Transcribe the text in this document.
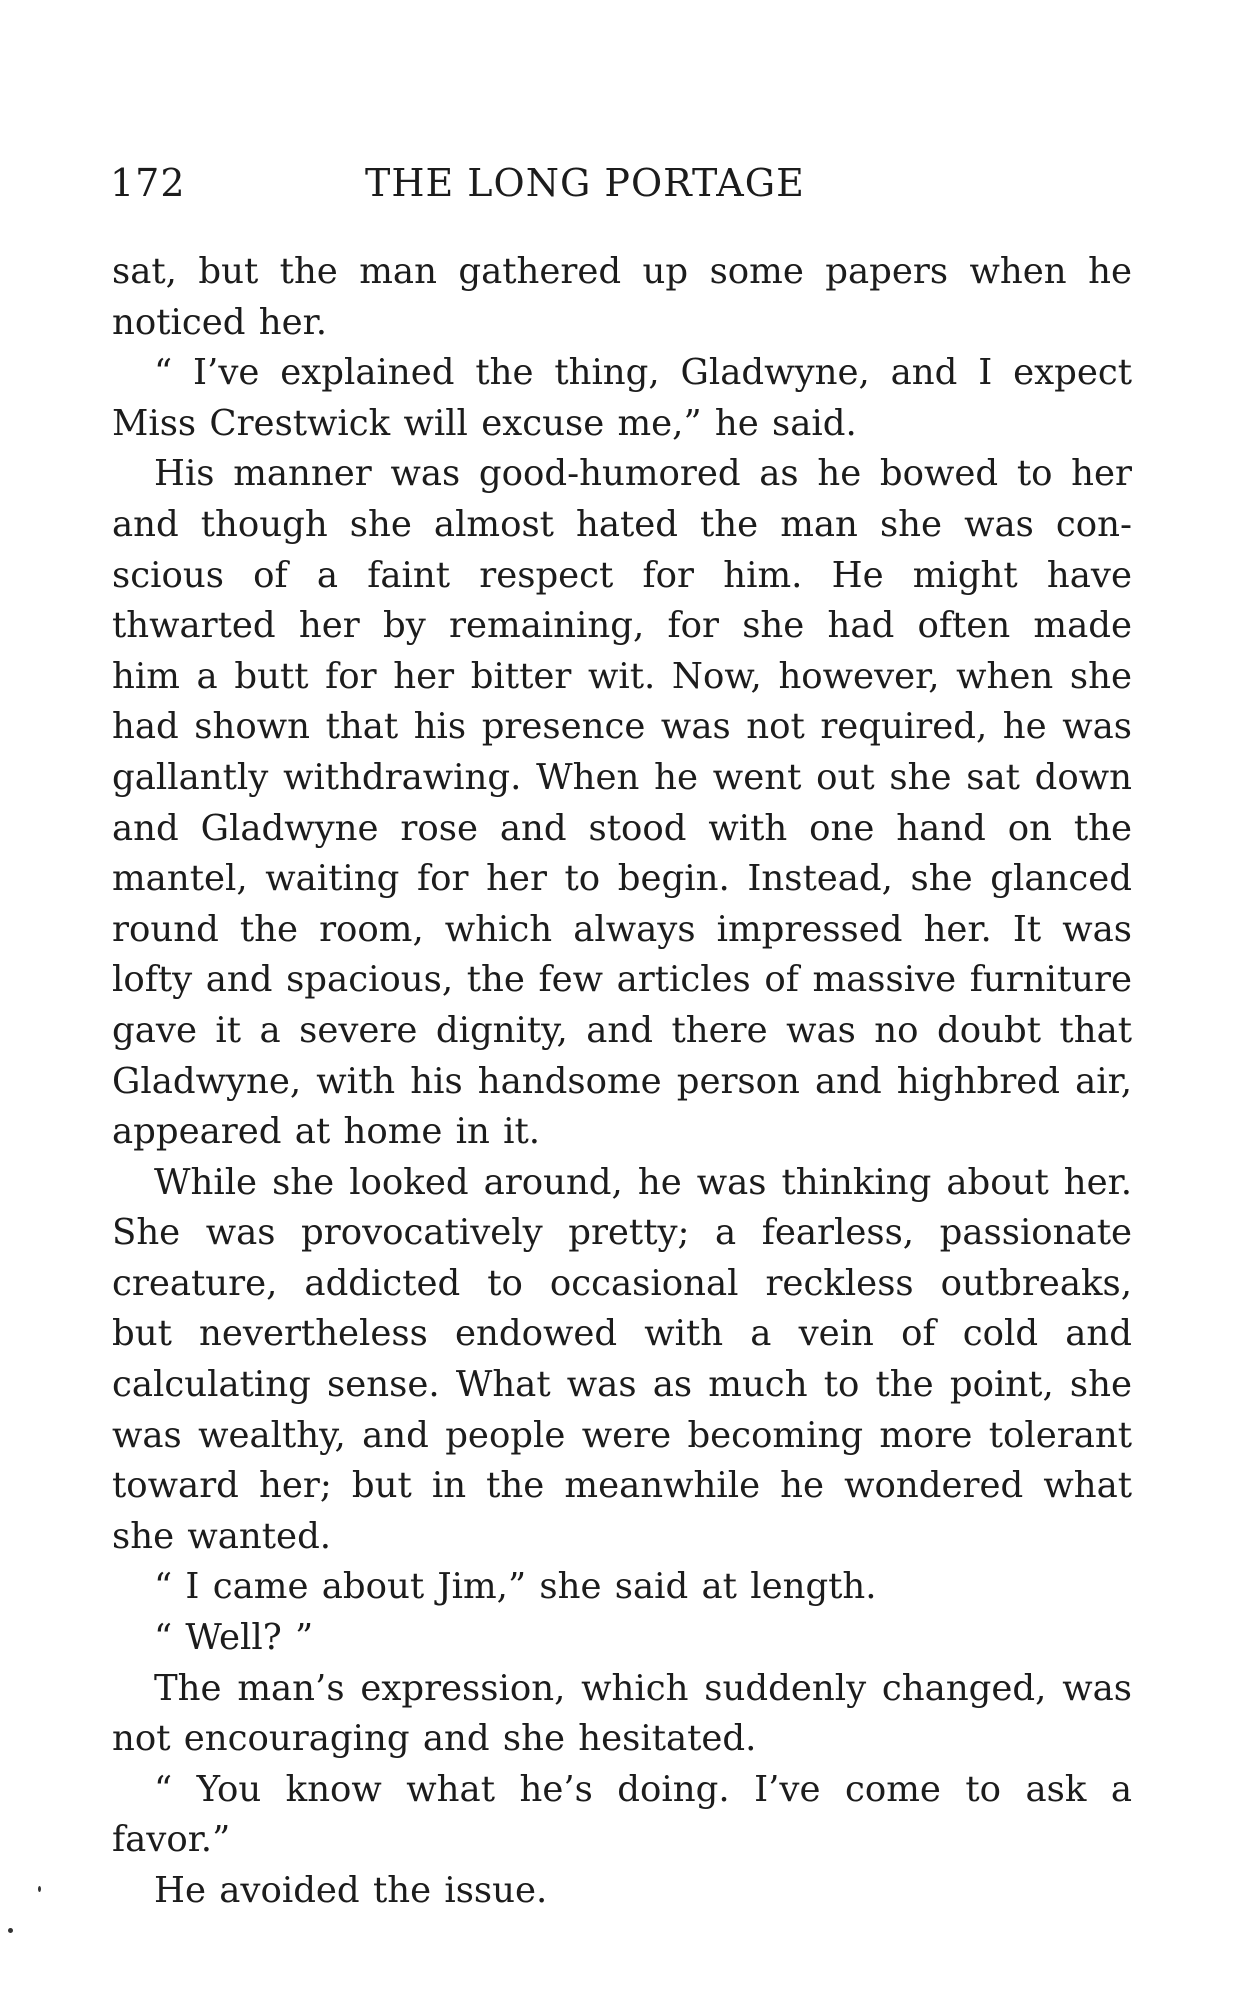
172	THE LONG PORTAGE

sat, but the man gathered up some papers when he noticed her.

“ I’ve explained the thing, Gladwyne, and I expect Miss Crestwick will excuse me,” he said.

His manner was good-humored as he bowed to her and though she almost hated the man she was conscious of a faint respect for him. He might have thwarted her by remaining, for she had often made him a butt for her bitter wit. Now, however, when she had shown that his presence was not required, he was gallantly withdrawing. When he went out she sat down and Gladwyne rose and stood with one hand on the mantel, waiting for her to begin. Instead, she glanced round the room, which always impressed her. It was lofty and spacious, the few articles of massive furniture gave it a severe dignity, and there was no doubt that Gladwyne, with his handsome person and highbred air, appeared at home in it.

While she looked around, he was thinking about her. She was provocatively pretty; a fearless, passionate creature, addicted to occasional reckless outbreaks, but nevertheless endowed with a vein of cold and calculating sense. What was as much to the point, she was wealthy, and people were becoming more tolerant toward her; but in the meanwhile he wondered what she wanted.

“ I came about Jim,” she said at length.

“ Well? ”

The man’s expression, which suddenly changed, was not encouraging and she hesitated.

“ You know what he’s doing. I’ve come to ask a favor.”

He avoided the issue.
